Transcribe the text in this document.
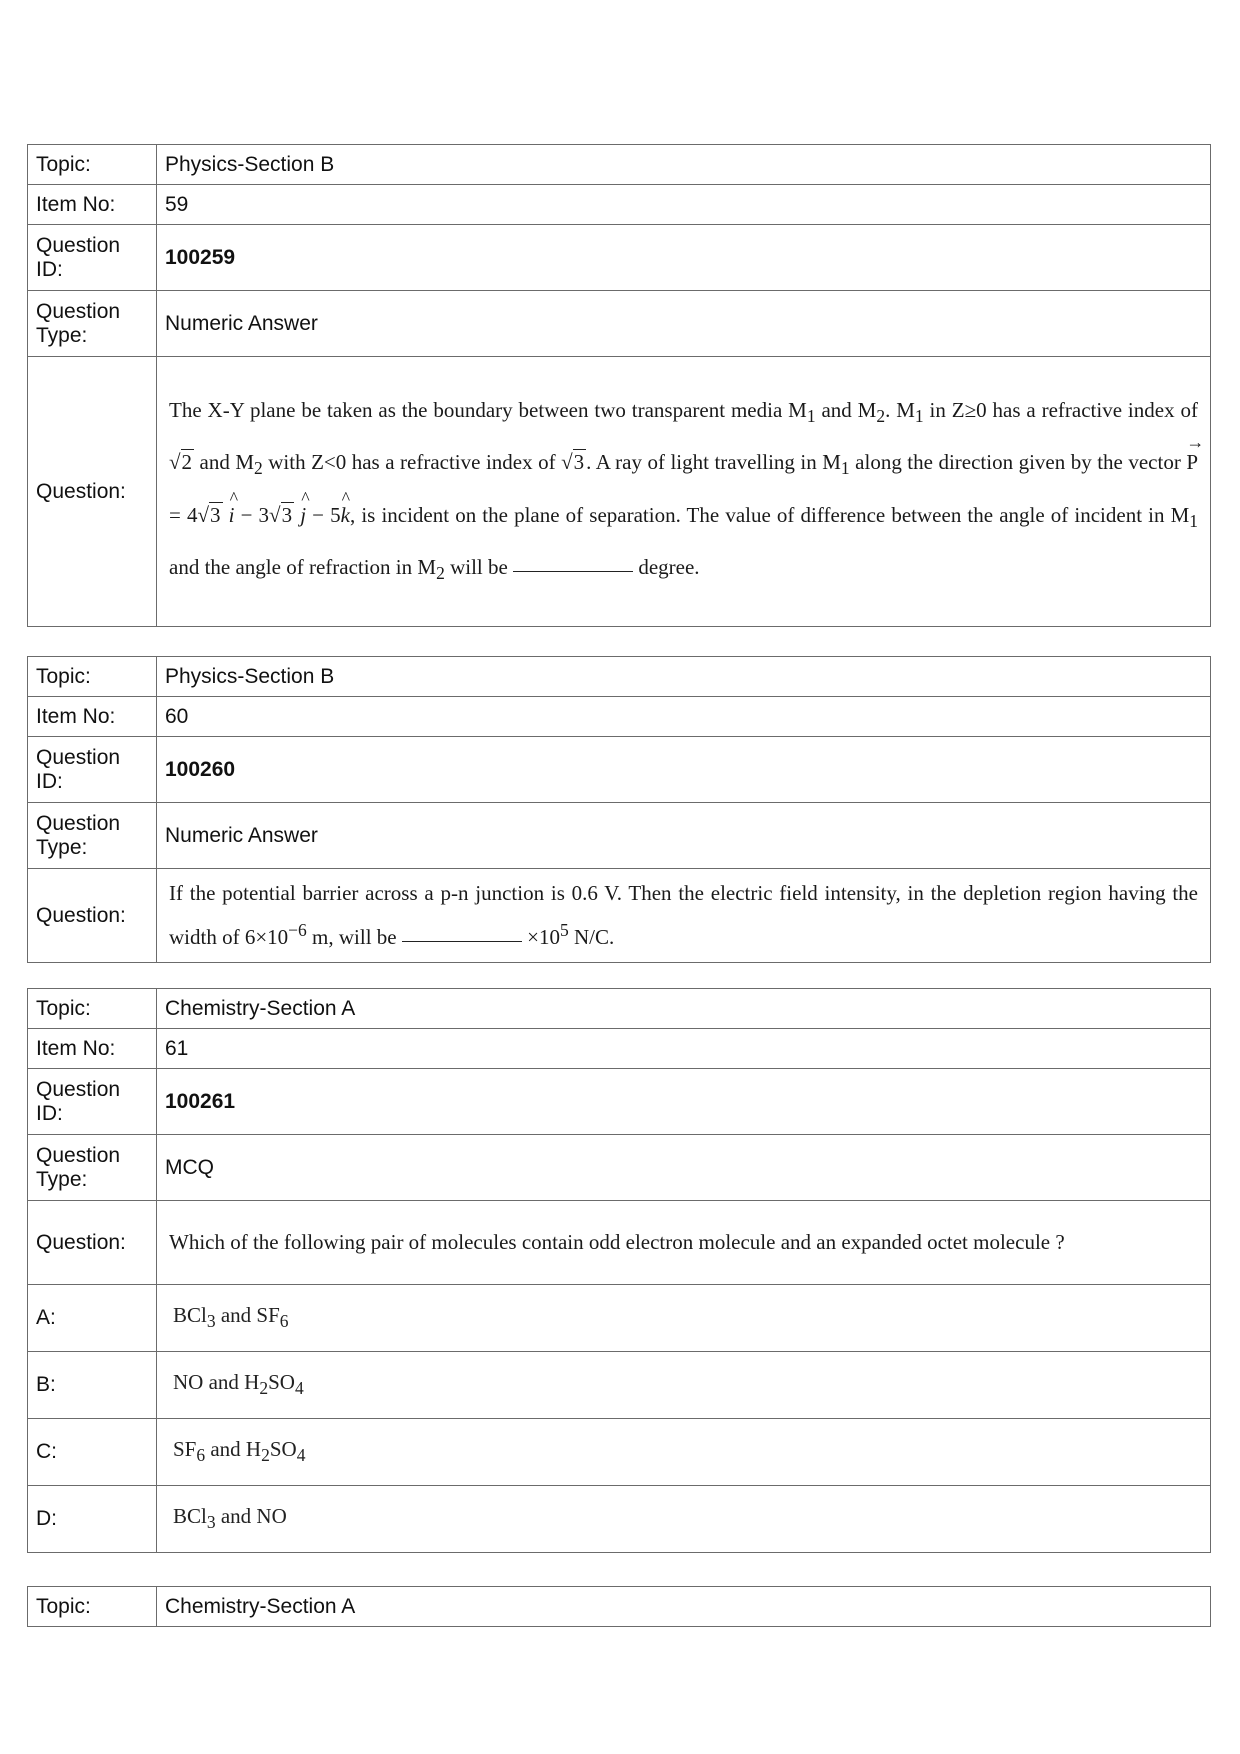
Topic:	Physics-Section B
Item No:	59
Question ID:	100259
Question Type:	Numeric Answer
Question:	The X-Y plane be taken as the boundary between two transparent media $M_1$ and $M_2$. $M_1$ in Z≥0 has a refractive index of √2 and $M_2$ with Z<0 has a refractive index of √3. A ray of light travelling in $M_1$ along the direction given by the vector → P = 4√3 ^ i − 3√3 ^ j − 5^ k, is incident on the plane of separation. The value of difference between the angle of incident in $M_1$ and the angle of refraction in $M_2$ will be degree.
Topic:	Physics-Section B
Item No:	60
Question ID:	100260
Question Type:	Numeric Answer
Question:	If the potential barrier across a p-n junction is 0.6 V. Then the electric field intensity, in the depletion region having the width of $6\times 10^{-6}$ m, will be $\times 10^5$ N/C.
Topic:	Chemistry-Section A
Item No:	61
Question ID:	100261
Question Type:	MCQ
Question:	Which of the following pair of molecules contain odd electron molecule and an expanded octet molecule ?
A:	BCl$_3$ and $SF_6$
B:	NO and $H_2SO_4$
C:	$SF_6$ and $H_2SO_4$
D:	BCl$_3$ and NO
Topic:	Chemistry-Section A
